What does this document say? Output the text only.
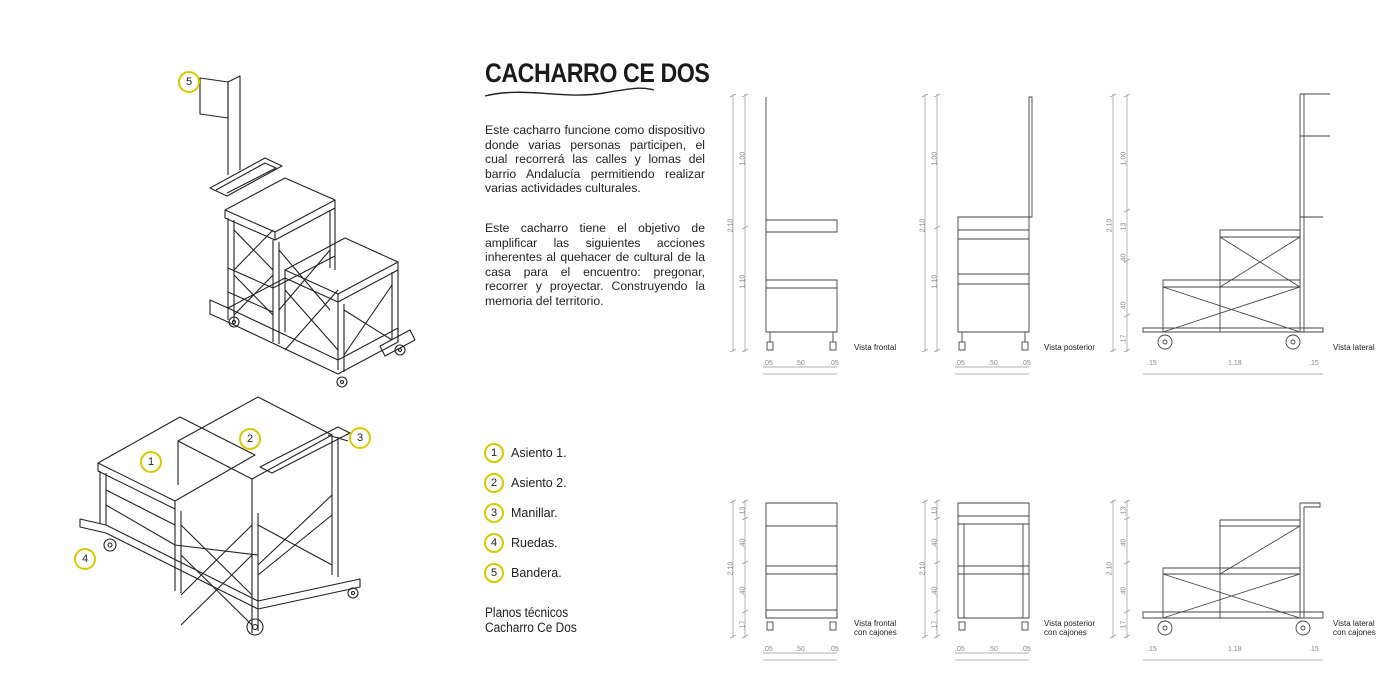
5
1
2	3
4
CACHARRO CE DOS
Este cacharro funcione como dispositivo donde varias personas participen, el cual recorrerá las calles y lomas del barrio Andalucía permitiendo realizar varias actividades culturales.
Este cacharro tiene el objetivo de amplificar las siguientes acciones inherentes al quehacer de cultural de la casa para el encuentro: pregonar, recorrer y proyectar. Construyendo la memoria del territorio.
1	Asiento 1.
2	Asiento 2.
3	Manillar.
4	Ruedas.
5	Bandera.
Planos técnicos
Cacharro Ce Dos
2.10
1.00
1.10
.05	.50	.05
Vista frontal
2.10
1.00
1.10
.05	.50	.05
Vista posterior
2.10
1.00
.13
.40
.40
.17
.15	1.18	.15
Vista lateral
2.10
.13
.40
.40
.17
.05	.50	.05
Vista frontal
con cajones
2.10
.13
.40
.40
.17
.05	.50	.05
Vista posterior
con cajones
2.10
.13
.40
.40
.17
.15	1.18	.15
Vista lateral
con cajones
